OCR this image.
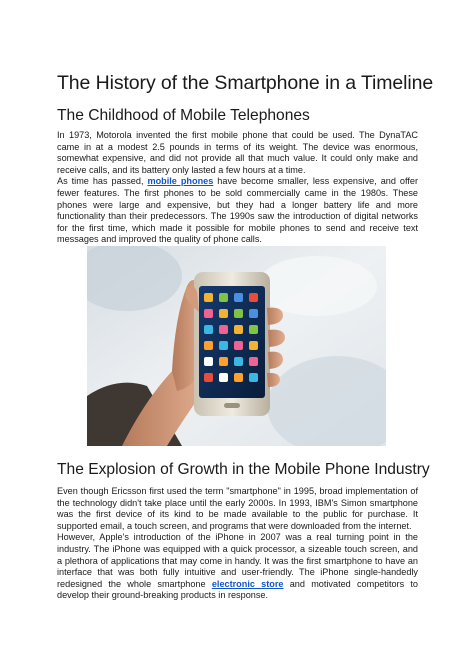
The History of the Smartphone in a Timeline
The Childhood of Mobile Telephones

In 1973, Motorola invented the first mobile phone that could be used. The DynaTAC came in at a modest 2.5 pounds in terms of its weight. The device was enormous, somewhat expensive, and did not provide all that much value. It could only make and receive calls, and its battery only lasted a few hours at a time.

As time has passed, mobile phones have become smaller, less expensive, and offer fewer features. The first phones to be sold commercially came in the 1980s. These phones were large and expensive, but they had a longer battery life and more functionality than their predecessors. The 1990s saw the introduction of digital networks for the first time, which made it possible for mobile phones to send and receive text messages and improved the quality of phone calls.

The Explosion of Growth in the Mobile Phone Industry

Even though Ericsson first used the term "smartphone" in 1995, broad implementation of the technology didn't take place until the early 2000s. In 1993, IBM's Simon smartphone was the first device of its kind to be made available to the public for purchase. It supported email, a touch screen, and programs that were downloaded from the internet.

However, Apple's introduction of the iPhone in 2007 was a real turning point in the industry. The iPhone was equipped with a quick processor, a sizeable touch screen, and a plethora of applications that may come in handy. It was the first smartphone to have an interface that was both fully intuitive and user-friendly. The iPhone single-handedly redesigned the whole smartphone electronic store and motivated competitors to develop their ground-breaking products in response.
